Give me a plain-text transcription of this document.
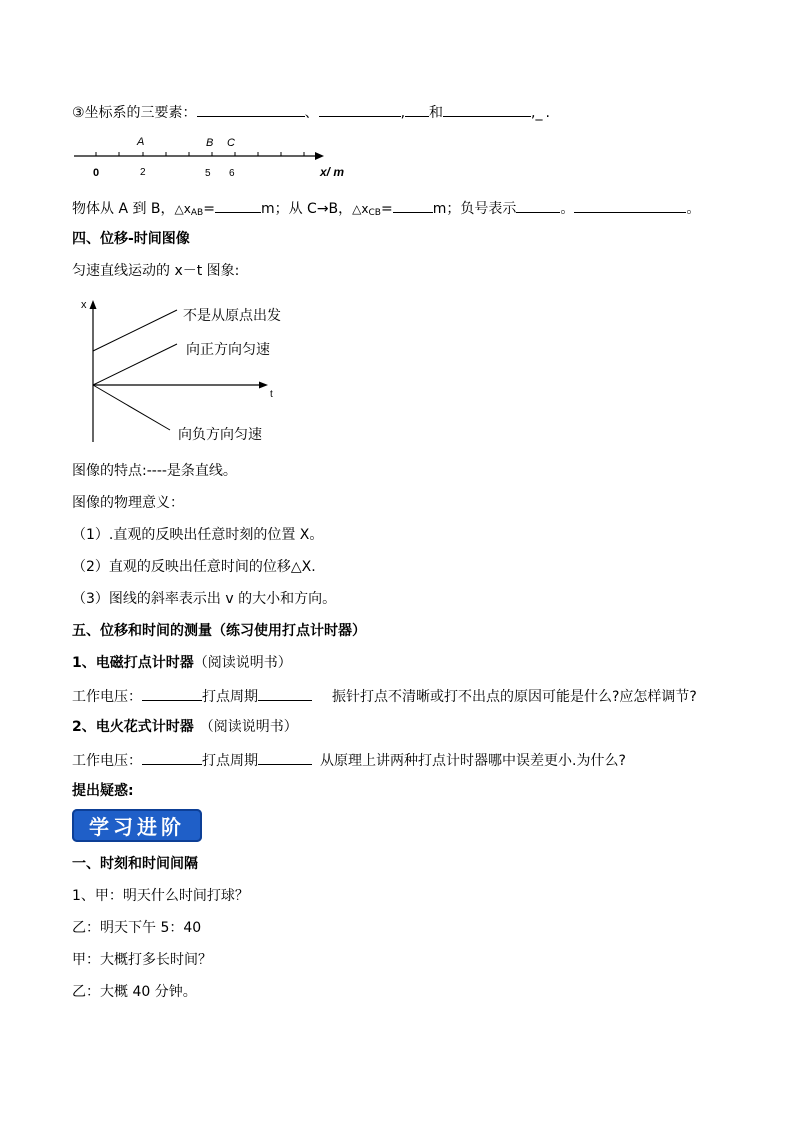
③坐标系的三要素：	、	, 和	,_ .
A	B C
0	2	5 6	x/ m
物体从 A 到 B，$\triangle x_{AB}=$	m；从 C→B，$\triangle x_{CB}=$	m；负号表示	。	。
四、位移-时间图像
匀速直线运动的 x－t 图象:
x
t
不是从原点出发
向正方向匀速
向负方向匀速
图像的特点:----是条直线。
图像的物理意义：
（1）.直观的反映出任意时刻的位置 X。
（2）直观的反映出任意时间的位移△X.
（3）图线的斜率表示出 v 的大小和方向。
五、位移和时间的测量（练习使用打点计时器）
1、电磁打点计时器（阅读说明书）
工作电压：	打点周期	振针打点不清晰或打不出点的原因可能是什么?应怎样调节?
2、电火花式计时器 （阅读说明书）
工作电压：	打点周期	从原理上讲两种打点计时器哪中误差更小.为什么?
提出疑惑:
学习进阶
一、时刻和时间间隔
1、甲：明天什么时间打球？
乙：明天下午 5：40
甲：大概打多长时间？
乙：大概 40 分钟。
